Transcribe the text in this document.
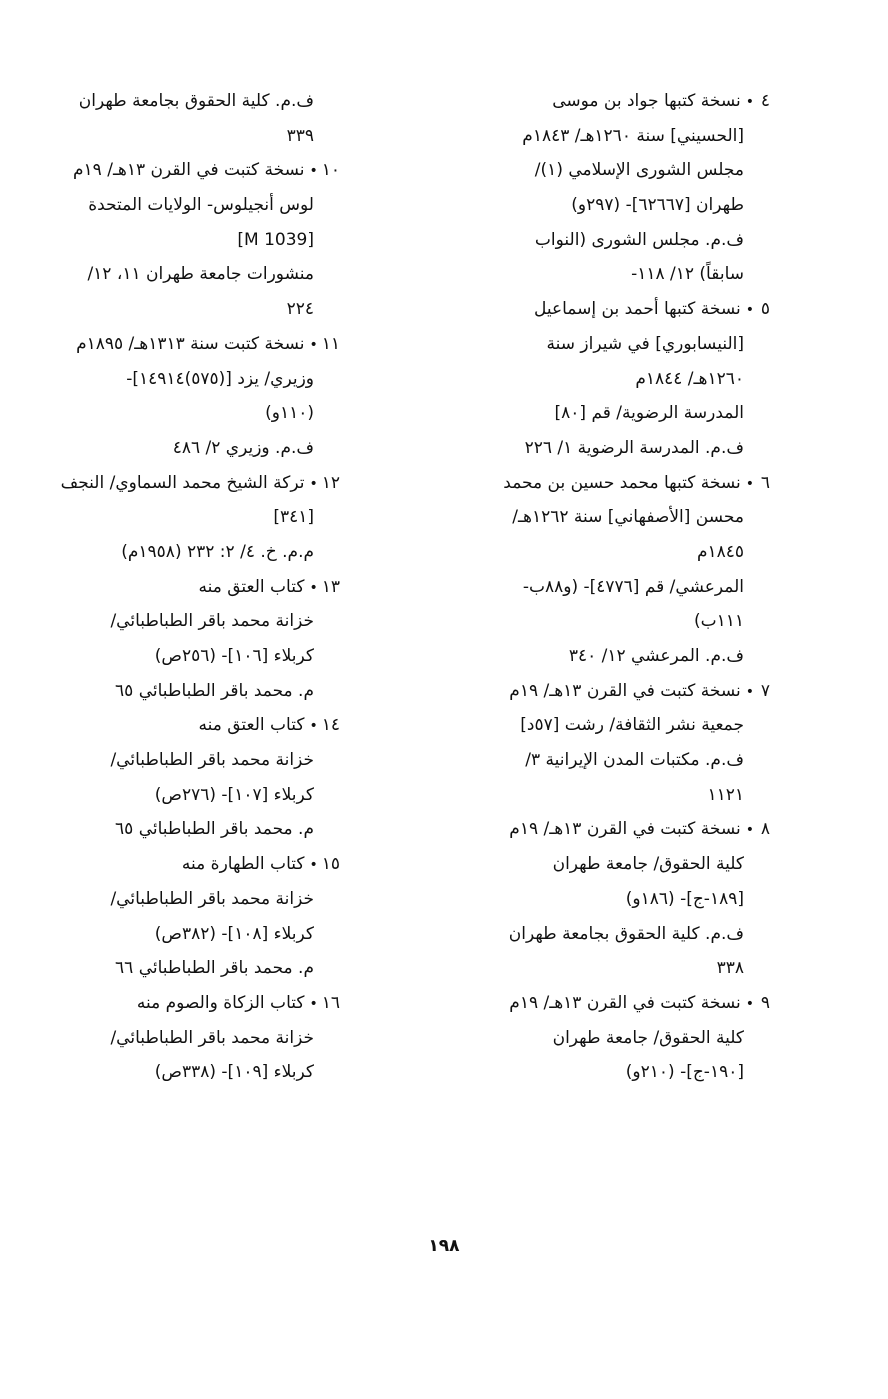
٤•نسخة كتبها جواد بن موسى
[الحسيني] سنة ١٢٦٠هـ/ ١٨٤٣م
مجلس الشورى الإسلامي (١)/
طهران [٦٢٦٦٧]- (٢٩٧و)
ف.م. مجلس الشورى (النواب
سابقاً) ١٢/ ١١٨-
٥•نسخة كتبها أحمد بن إسماعيل
[النيسابوري] في شيراز سنة
١٢٦٠هـ/ ١٨٤٤م
المدرسة الرضوية/ قم [٨٠]
ف.م. المدرسة الرضوية ١/ ٢٢٦
٦•نسخة كتبها محمد حسين بن محمد
محسن [الأصفهاني] سنة ١٢٦٢هـ/
١٨٤٥م
المرعشي/ قم [٤٧٧٦]- (و٨٨ب-
١١١ب)
ف.م. المرعشي ١٢/ ٣٤٠
٧•نسخة كتبت في القرن ١٣هـ/ ١٩م
جمعية نشر الثقافة/ رشت [٥٧د]
ف.م. مكتبات المدن الإيرانية ٣/
١١٢١
٨•نسخة كتبت في القرن ١٣هـ/ ١٩م
كلية الحقوق/ جامعة طهران
[١٨٩-ج]- (١٨٦و)
ف.م. كلية الحقوق بجامعة طهران
٣٣٨
٩•نسخة كتبت في القرن ١٣هـ/ ١٩م
كلية الحقوق/ جامعة طهران
[١٩٠-ج]- (٢١٠و)
ف.م. كلية الحقوق بجامعة طهران
٣٣٩
١٠•نسخة كتبت في القرن ١٣هـ/ ١٩م
لوس أنجيلوس- الولايات المتحدة
[M 1039]
منشورات جامعة طهران ١١، ١٢/
٢٢٤
١١•نسخة كتبت سنة ١٣١٣هـ/ ١٨٩٥م
وزيري/ يزد [(٥٧٥)١٤٩١٤]-
(١١٠و)
ف.م. وزيري ٢/ ٤٨٦
١٢•تركة الشيخ محمد السماوي/ النجف
[٣٤١]
م.م. خ. ٤/ ٢: ٢٣٢ (١٩٥٨م)
١٣•كتاب العتق منه
خزانة محمد باقر الطباطبائي/
كربلاء [١٠٦]- (٢٥٦ص)
م. محمد باقر الطباطبائي ٦٥
١٤•كتاب العتق منه
خزانة محمد باقر الطباطبائي/
كربلاء [١٠٧]- (٢٧٦ص)
م. محمد باقر الطباطبائي ٦٥
١٥•كتاب الطهارة منه
خزانة محمد باقر الطباطبائي/
كربلاء [١٠٨]- (٣٨٢ص)
م. محمد باقر الطباطبائي ٦٦
١٦•كتاب الزكاة والصوم منه
خزانة محمد باقر الطباطبائي/
كربلاء [١٠٩]- (٣٣٨ص)
١٩٨
